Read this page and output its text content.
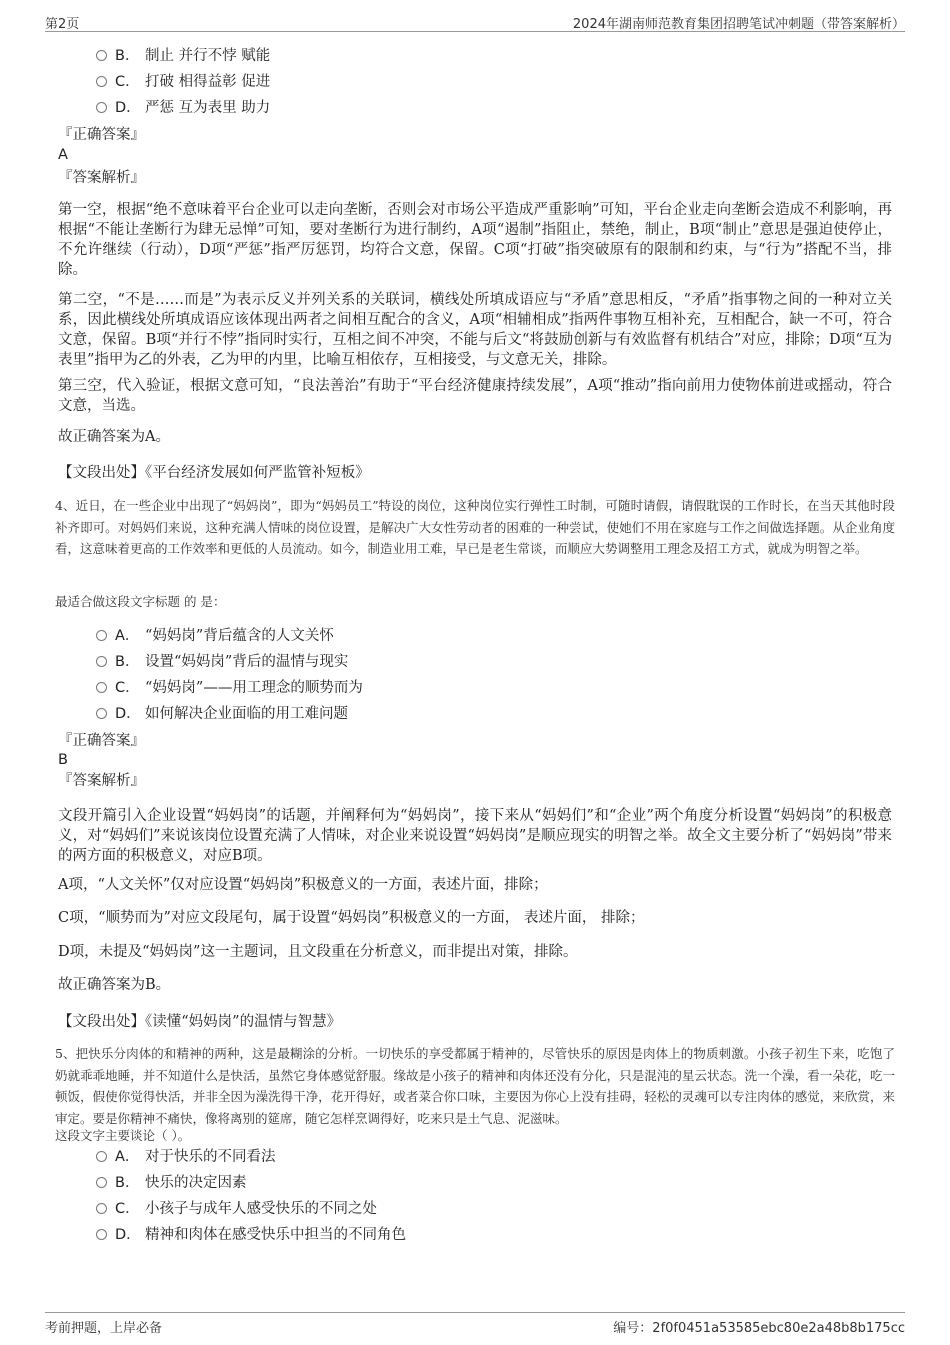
第2页	2024年湖南师范教育集团招聘笔试冲刺题（带答案解析）
B． 制止 并行不悖 赋能
C． 打破 相得益彰 促进
D． 严惩 互为表里 助力
『正确答案』
A
『答案解析』
第一空，根据“绝不意味着平台企业可以走向垄断，否则会对市场公平造成严重影响”可知，平台企业走向垄断会造成不利影响，再根据“不能让垄断行为肆无忌惮”可知，要对垄断行为进行制约，A项“遏制”指阻止，禁绝，制止，B项“制止”意思是强迫使停止，不允许继续（行动），D项“严惩”指严厉惩罚，均符合文意，保留。C项“打破”指突破原有的限制和约束，与“行为”搭配不当，排除。
第二空，“不是……而是”为表示反义并列关系的关联词，横线处所填成语应与“矛盾”意思相反，“矛盾”指事物之间的一种对立关系，因此横线处所填成语应该体现出两者之间相互配合的含义，A项“相辅相成”指两件事物互相补充，互相配合，缺一不可，符合文意，保留。B项“并行不悖”指同时实行，互相之间不冲突，不能与后文“将鼓励创新与有效监督有机结合”对应，排除；D项“互为表里”指甲为乙的外表，乙为甲的内里，比喻互相依存，互相接受，与文意无关，排除。
第三空，代入验证，根据文意可知，“良法善治”有助于“平台经济健康持续发展”，A项“推动”指向前用力使物体前进或摇动，符合文意，当选。
故正确答案为A。
【文段出处】《平台经济发展如何严监管补短板》
4、近日，在一些企业中出现了“妈妈岗”，即为“妈妈员工”特设的岗位，这种岗位实行弹性工时制，可随时请假，请假耽误的工作时长，在当天其他时段补齐即可。对妈妈们来说，这种充满人情味的岗位设置，是解决广大女性劳动者的困难的一种尝试，使她们不用在家庭与工作之间做选择题。从企业角度看，这意味着更高的工作效率和更低的人员流动。如今，制造业用工难，早已是老生常谈，而顺应大势调整用工理念及招工方式，就成为明智之举。
最适合做这段文字标题 的 是：
A． “妈妈岗”背后蕴含的人文关怀
B． 设置“妈妈岗”背后的温情与现实
C． “妈妈岗”——用工理念的顺势而为
D． 如何解决企业面临的用工难问题
『正确答案』
B
『答案解析』
文段开篇引入企业设置“妈妈岗”的话题，并阐释何为“妈妈岗”，接下来从“妈妈们”和“企业”两个角度分析设置“妈妈岗”的积极意义，对“妈妈们”来说该岗位设置充满了人情味，对企业来说设置“妈妈岗”是顺应现实的明智之举。故全文主要分析了“妈妈岗”带来的两方面的积极意义，对应B项。
A项，“人文关怀”仅对应设置“妈妈岗”积极意义的一方面，表述片面，排除；
C项，“顺势而为”对应文段尾句，属于设置“妈妈岗”积极意义的一方面， 表述片面， 排除；
D项，未提及“妈妈岗”这一主题词，且文段重在分析意义，而非提出对策，排除。
故正确答案为B。
【文段出处】《读懂“妈妈岗”的温情与智慧》
5、把快乐分肉体的和精神的两种，这是最糊涂的分析。一切快乐的享受都属于精神的，尽管快乐的原因是肉体上的物质刺激。小孩子初生下来，吃饱了奶就乖乖地睡，并不知道什么是快活，虽然它身体感觉舒服。缘故是小孩子的精神和肉体还没有分化，只是混沌的星云状态。洗一个澡，看一朵花，吃一顿饭，假使你觉得快活，并非全因为澡洗得干净，花开得好，或者菜合你口味，主要因为你心上没有挂碍，轻松的灵魂可以专注肉体的感觉，来欣赏，来审定。要是你精神不痛快，像将离别的筵席，随它怎样烹调得好，吃来只是土气息、泥滋味。
这段文字主要谈论（ ）。
A． 对于快乐的不同看法
B． 快乐的决定因素
C． 小孩子与成年人感受快乐的不同之处
D． 精神和肉体在感受快乐中担当的不同角色
考前押题，上岸必备	编号：2f0f0451a53585ebc80e2a48b8b175cc
